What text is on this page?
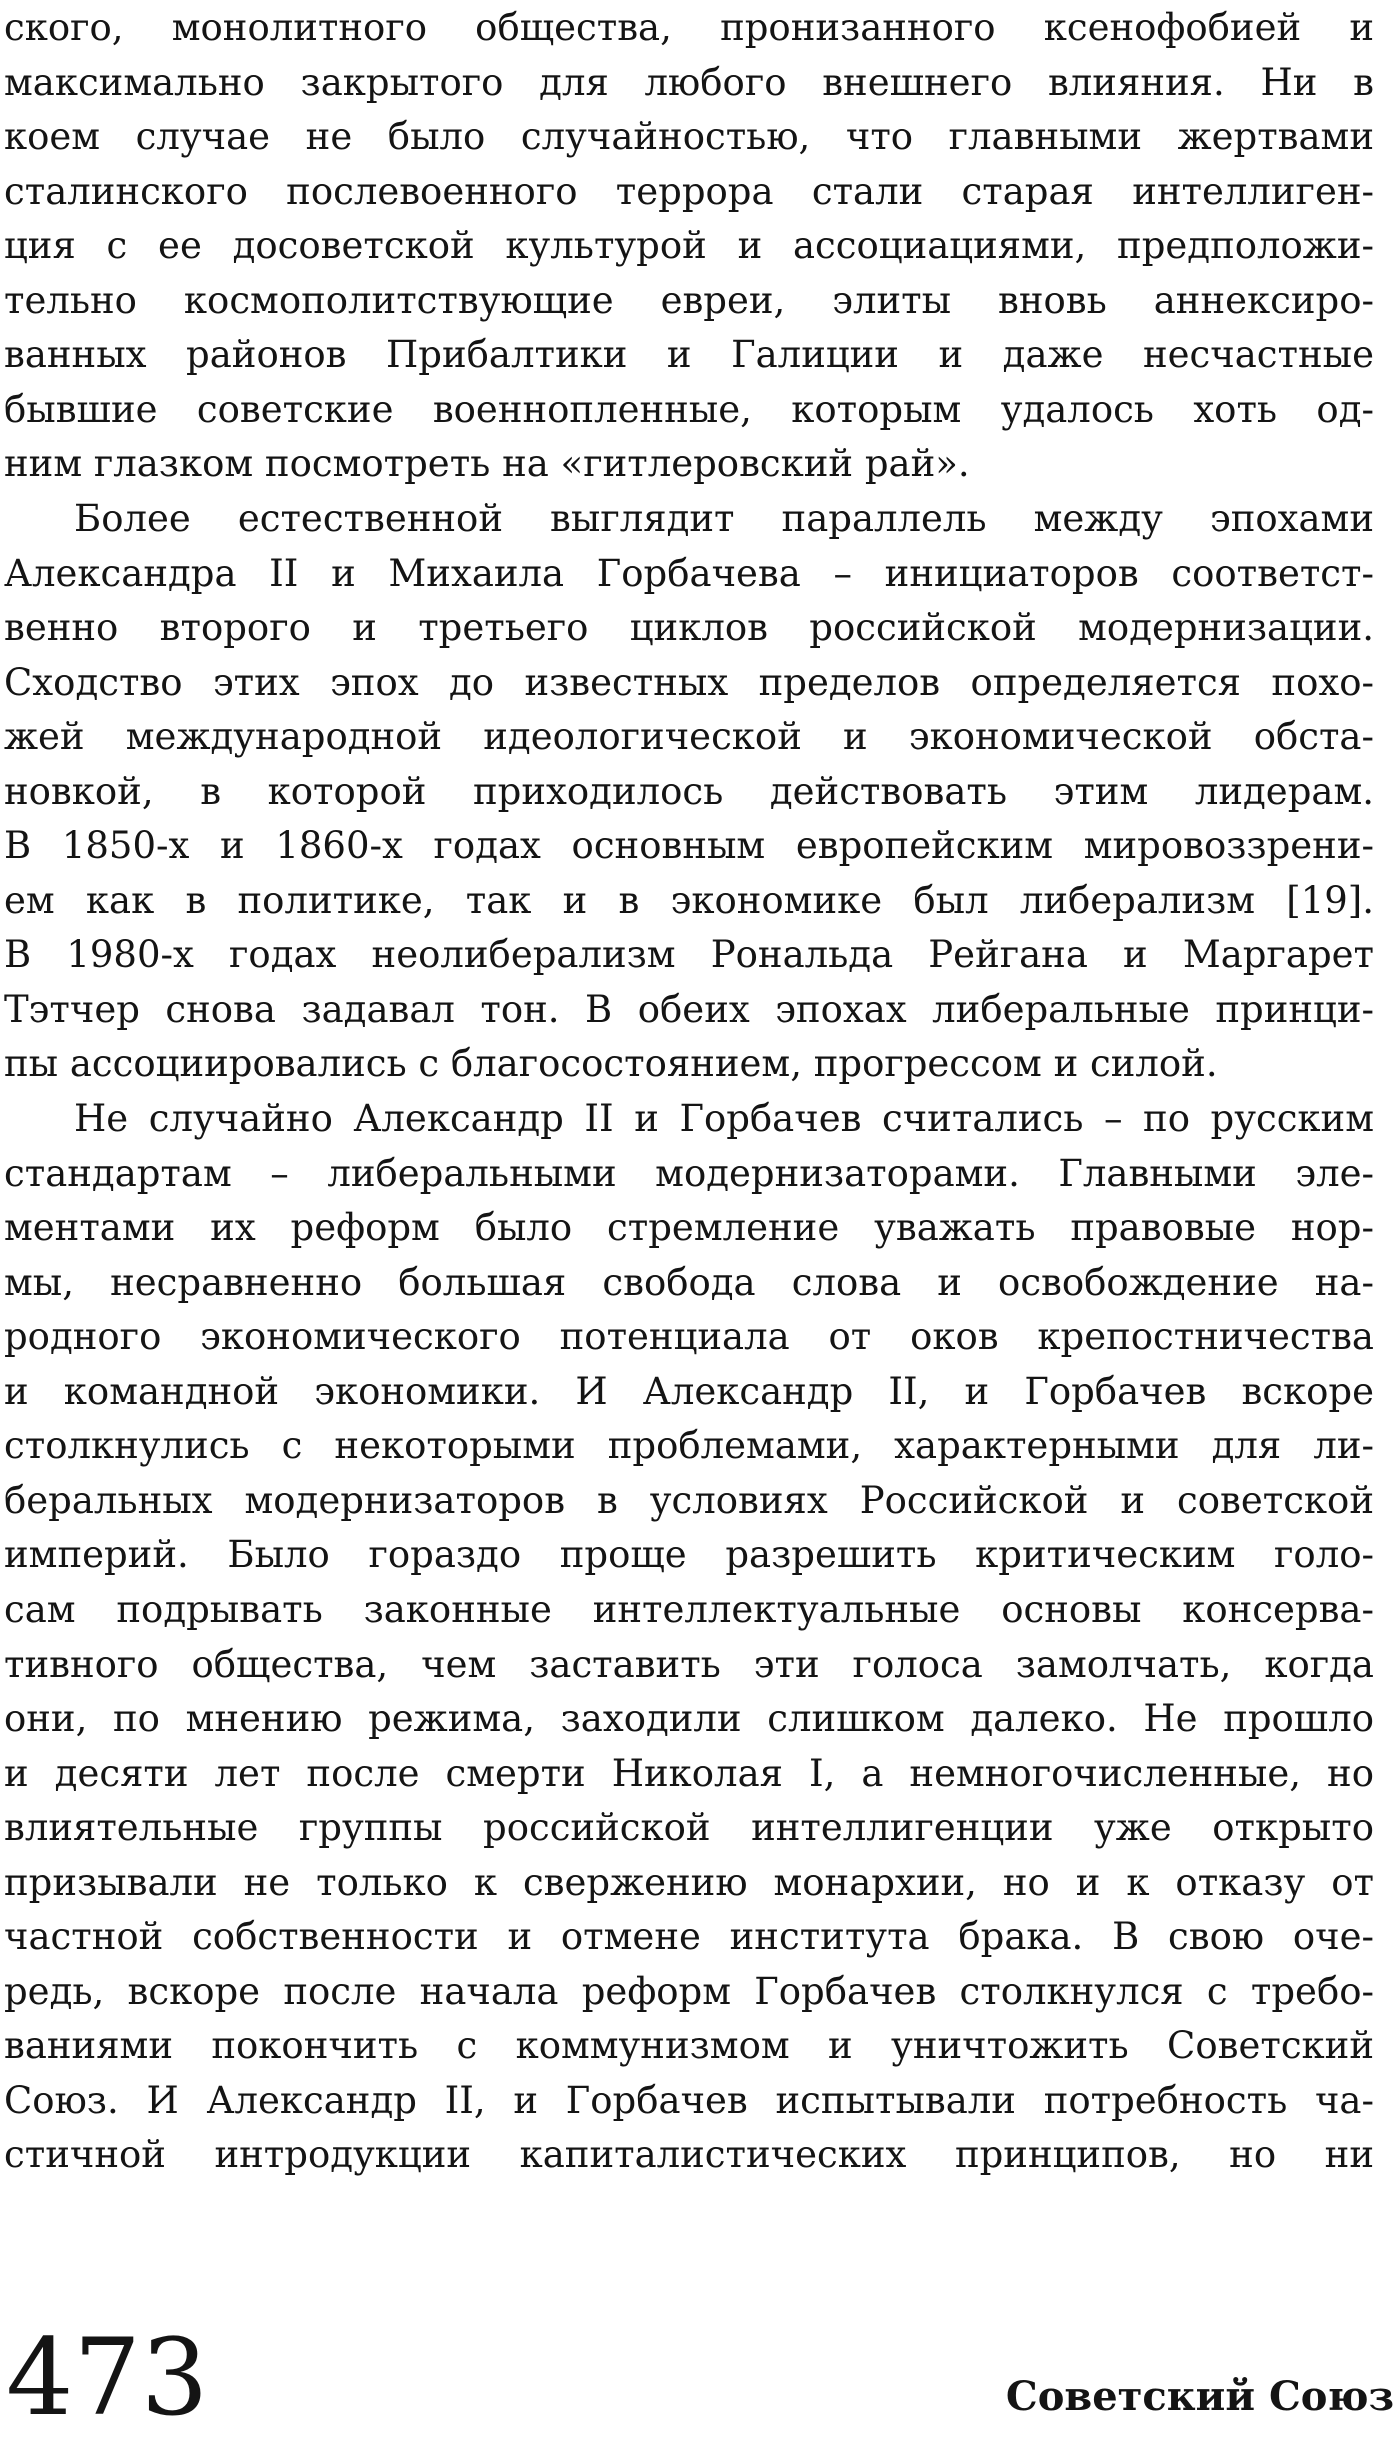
ского, монолитного общества, пронизанного ксенофобией и
максимально закрытого для любого внешнего влияния. Ни в
коем случае не было случайностью, что главными жертвами
сталинского послевоенного террора стали старая интеллиген-
ция с ее досоветской культурой и ассоциациями, предположи-
тельно космополитствующие евреи, элиты вновь аннексиро-
ванных районов Прибалтики и Галиции и даже несчастные
бывшие советские военнопленные, которым удалось хоть од-
ним глазком посмотреть на «гитлеровский рай».
Более естественной выглядит параллель между эпохами
Александра II и Михаила Горбачева – инициаторов соответст-
венно второго и третьего циклов российской модернизации.
Сходство этих эпох до известных пределов определяется похо-
жей международной идеологической и экономической обста-
новкой, в которой приходилось действовать этим лидерам.
В 1850-х и 1860-х годах основным европейским мировоззрени-
ем как в политике, так и в экономике был либерализм [19].
В 1980-х годах неолиберализм Рональда Рейгана и Маргарет
Тэтчер снова задавал тон. В обеих эпохах либеральные принци-
пы ассоциировались с благосостоянием, прогрессом и силой.
Не случайно Александр II и Горбачев считались – по русским
стандартам – либеральными модернизаторами. Главными эле-
ментами их реформ было стремление уважать правовые нор-
мы, несравненно большая свобода слова и освобождение на-
родного экономического потенциала от оков крепостничества
и командной экономики. И Александр II, и Горбачев вскоре
столкнулись с некоторыми проблемами, характерными для ли-
беральных модернизаторов в условиях Российской и советской
империй. Было гораздо проще разрешить критическим голо-
сам подрывать законные интеллектуальные основы консерва-
тивного общества, чем заставить эти голоса замолчать, когда
они, по мнению режима, заходили слишком далеко. Не прошло
и десяти лет после смерти Николая I, а немногочисленные, но
влиятельные группы российской интеллигенции уже открыто
призывали не только к свержению монархии, но и к отказу от
частной собственности и отмене института брака. В свою оче-
редь, вскоре после начала реформ Горбачев столкнулся с требо-
ваниями покончить с коммунизмом и уничтожить Советский
Союз. И Александр II, и Горбачев испытывали потребность ча-
стичной интродукции капиталистических принципов, но ни
473	Советский Союз
